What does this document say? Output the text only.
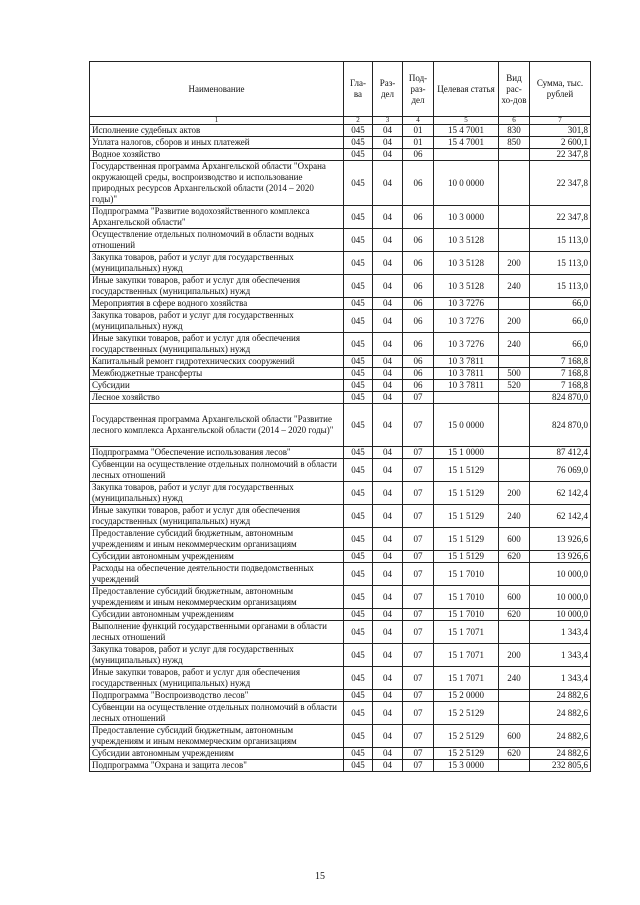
Наименование	Гла-ва	Раз-дел	Под-раз-дел	Целевая статья	Вид рас-хо-дов	Сумма, тыс. рублей
1	2	3	4	5	6	7
Исполнение судебных актов	045	04	01	15 4 7001	830	301,8
Уплата налогов, сборов и иных платежей	045	04	01	15 4 7001	850	2 600,1
Водное хозяйство	045	04	06			22 347,8
Государственная программа Архангельской области "Охрана окружающей среды, воспроизводство и использование природных ресурсов Архангельской области (2014 – 2020 годы)"	045	04	06	10 0 0000		22 347,8
Подпрограмма "Развитие водохозяйственного комплекса Архангельской области"	045	04	06	10 3 0000		22 347,8
Осуществление отдельных полномочий в области водных отношений	045	04	06	10 3 5128		15 113,0
Закупка товаров, работ и услуг для государственных (муниципальных) нужд	045	04	06	10 3 5128	200	15 113,0
Иные закупки товаров, работ и услуг для обеспечения государственных (муниципальных) нужд	045	04	06	10 3 5128	240	15 113,0
Мероприятия в сфере водного хозяйства	045	04	06	10 3 7276		66,0
Закупка товаров, работ и услуг для государственных (муниципальных) нужд	045	04	06	10 3 7276	200	66,0
Иные закупки товаров, работ и услуг для обеспечения государственных (муниципальных) нужд	045	04	06	10 3 7276	240	66,0
Капитальный ремонт гидротехнических сооружений	045	04	06	10 3 7811		7 168,8
Межбюджетные трансферты	045	04	06	10 3 7811	500	7 168,8
Субсидии	045	04	06	10 3 7811	520	7 168,8
Лесное хозяйство	045	04	07			824 870,0
Государственная программа Архангельской области "Развитие лесного комплекса Архангельской области (2014 – 2020 годы)"	045	04	07	15 0 0000		824 870,0
Подпрограмма "Обеспечение использования лесов"	045	04	07	15 1 0000		87 412,4
Субвенции на осуществление отдельных полномочий в области лесных отношений	045	04	07	15 1 5129		76 069,0
Закупка товаров, работ и услуг для государственных (муниципальных) нужд	045	04	07	15 1 5129	200	62 142,4
Иные закупки товаров, работ и услуг для обеспечения государственных (муниципальных) нужд	045	04	07	15 1 5129	240	62 142,4
Предоставление субсидий бюджетным, автономным учреждениям и иным некоммерческим организациям	045	04	07	15 1 5129	600	13 926,6
Субсидии автономным учреждениям	045	04	07	15 1 5129	620	13 926,6
Расходы на обеспечение деятельности подведомственных учреждений	045	04	07	15 1 7010		10 000,0
Предоставление субсидий бюджетным, автономным учреждениям и иным некоммерческим организациям	045	04	07	15 1 7010	600	10 000,0
Субсидии автономным учреждениям	045	04	07	15 1 7010	620	10 000,0
Выполнение функций государственными органами в области лесных отношений	045	04	07	15 1 7071		1 343,4
Закупка товаров, работ и услуг для государственных (муниципальных) нужд	045	04	07	15 1 7071	200	1 343,4
Иные закупки товаров, работ и услуг для обеспечения государственных (муниципальных) нужд	045	04	07	15 1 7071	240	1 343,4
Подпрограмма "Воспроизводство лесов"	045	04	07	15 2 0000		24 882,6
Субвенции на осуществление отдельных полномочий в области лесных отношений	045	04	07	15 2 5129		24 882,6
Предоставление субсидий бюджетным, автономным учреждениям и иным некоммерческим организациям	045	04	07	15 2 5129	600	24 882,6
Субсидии автономным учреждениям	045	04	07	15 2 5129	620	24 882,6
Подпрограмма "Охрана и защита лесов"	045	04	07	15 3 0000		232 805,6
15
